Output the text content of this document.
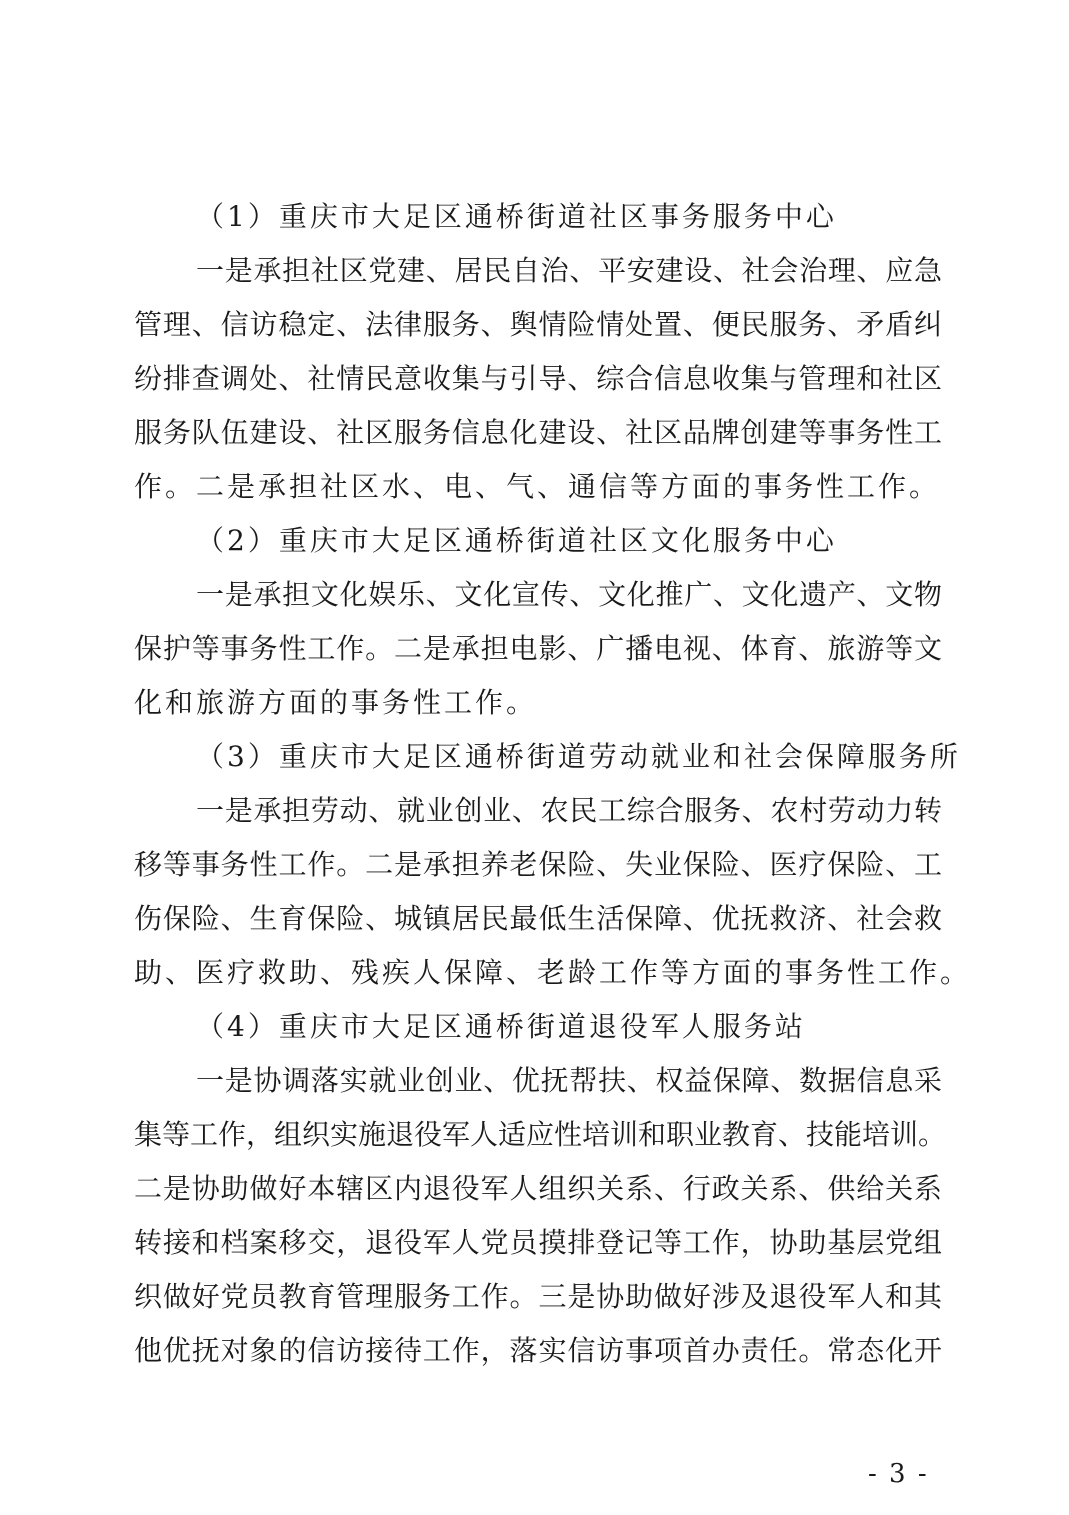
（1）重庆市大足区通桥街道社区事务服务中心
一是承担社区党建、居民自治、平安建设、社会治理、应急
管理、信访稳定、法律服务、舆情险情处置、便民服务、矛盾纠
纷排查调处、社情民意收集与引导、综合信息收集与管理和社区
服务队伍建设、社区服务信息化建设、社区品牌创建等事务性工
作。二是承担社区水、电、气、通信等方面的事务性工作。
（2）重庆市大足区通桥街道社区文化服务中心
一是承担文化娱乐、文化宣传、文化推广、文化遗产、文物
保护等事务性工作。二是承担电影、广播电视、体育、旅游等文
化和旅游方面的事务性工作。
（3）重庆市大足区通桥街道劳动就业和社会保障服务所
一是承担劳动、就业创业、农民工综合服务、农村劳动力转
移等事务性工作。二是承担养老保险、失业保险、医疗保险、工
伤保险、生育保险、城镇居民最低生活保障、优抚救济、社会救
助、医疗救助、残疾人保障、老龄工作等方面的事务性工作。
（4）重庆市大足区通桥街道退役军人服务站
一是协调落实就业创业、优抚帮扶、权益保障、数据信息采
集等工作，组织实施退役军人适应性培训和职业教育、技能培训。
二是协助做好本辖区内退役军人组织关系、行政关系、供给关系
转接和档案移交，退役军人党员摸排登记等工作，协助基层党组
织做好党员教育管理服务工作。三是协助做好涉及退役军人和其
他优抚对象的信访接待工作，落实信访事项首办责任。常态化开
- 3 -
